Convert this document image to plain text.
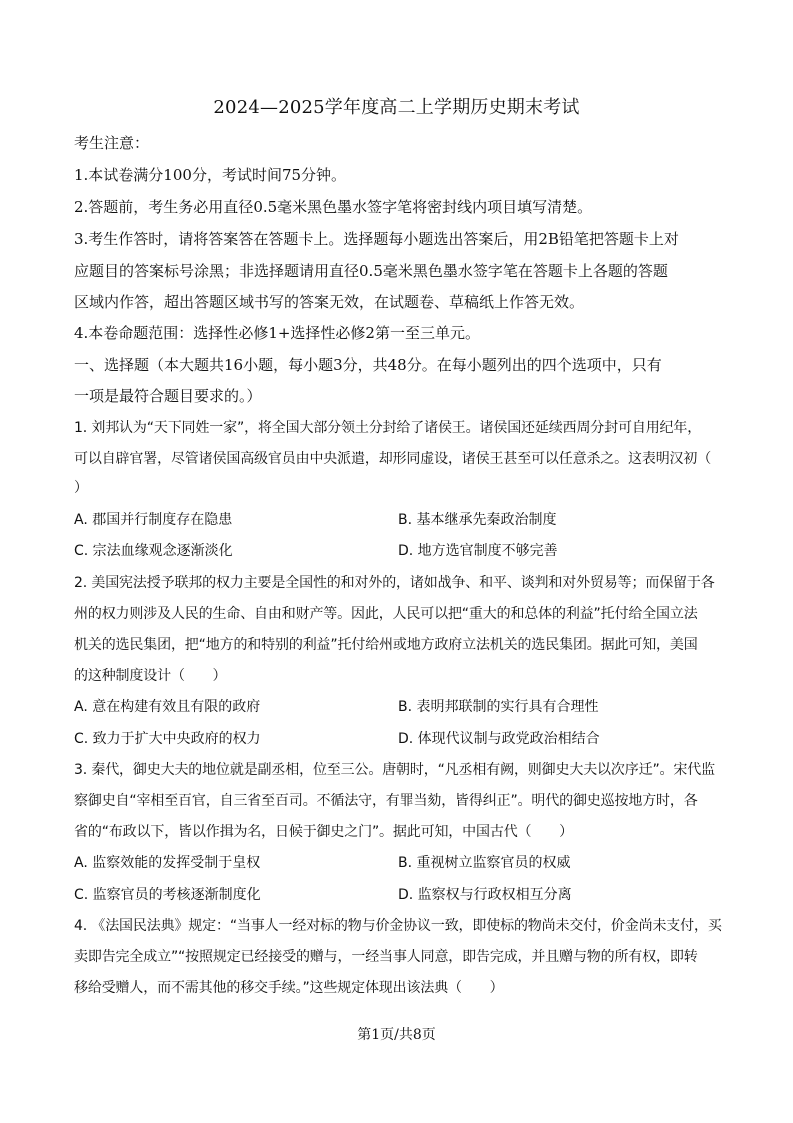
2024—2025学年度高二上学期历史期末考试
考生注意：
1.本试卷满分100分，考试时间75分钟。
2.答题前，考生务必用直径0.5毫米黑色墨水签字笔将密封线内项目填写清楚。
3.考生作答时，请将答案答在答题卡上。选择题每小题选出答案后，用2B铅笔把答题卡上对
应题目的答案标号涂黑；非选择题请用直径0.5毫米黑色墨水签字笔在答题卡上各题的答题
区域内作答，超出答题区域书写的答案无效，在试题卷、草稿纸上作答无效。
4.本卷命题范围：选择性必修1+选择性必修2第一至三单元。
一、选择题（本大题共16小题，每小题3分，共48分。在每小题列出的四个选项中，只有
一项是最符合题目要求的。）
1. 刘邦认为“天下同姓一家”，将全国大部分领土分封给了诸侯王。诸侯国还延续西周分封可自用纪年，
可以自辟官署，尽管诸侯国高级官员由中央派遣，却形同虚设，诸侯王甚至可以任意杀之。这表明汉初（
）
A. 郡国并行制度存在隐患	B. 基本继承先秦政治制度
C. 宗法血缘观念逐渐淡化	D. 地方选官制度不够完善
2. 美国宪法授予联邦的权力主要是全国性的和对外的，诸如战争、和平、谈判和对外贸易等；而保留于各
州的权力则涉及人民的生命、自由和财产等。因此，人民可以把“重大的和总体的利益”托付给全国立法
机关的选民集团，把“地方的和特别的利益”托付给州或地方政府立法机关的选民集团。据此可知，美国
的这种制度设计（　　）
A. 意在构建有效且有限的政府	B. 表明邦联制的实行具有合理性
C. 致力于扩大中央政府的权力	D. 体现代议制与政党政治相结合
3. 秦代，御史大夫的地位就是副丞相，位至三公。唐朝时，“凡丞相有阙，则御史大夫以次序迁”。宋代监
察御史自“宰相至百官，自三省至百司。不循法守，有罪当劾，皆得纠正”。明代的御史巡按地方时，各
省的“布政以下，皆以作揖为名，日候于御史之门”。据此可知，中国古代（　　）
A. 监察效能的发挥受制于皇权	B. 重视树立监察官员的权威
C. 监察官员的考核逐渐制度化	D. 监察权与行政权相互分离
4. 《法国民法典》规定：“当事人一经对标的物与价金协议一致，即使标的物尚未交付，价金尚未支付，买
卖即告完全成立”“按照规定已经接受的赠与，一经当事人同意，即告完成，并且赠与物的所有权，即转
移给受赠人，而不需其他的移交手续。”这些规定体现出该法典（　　）
第1页/共8页
